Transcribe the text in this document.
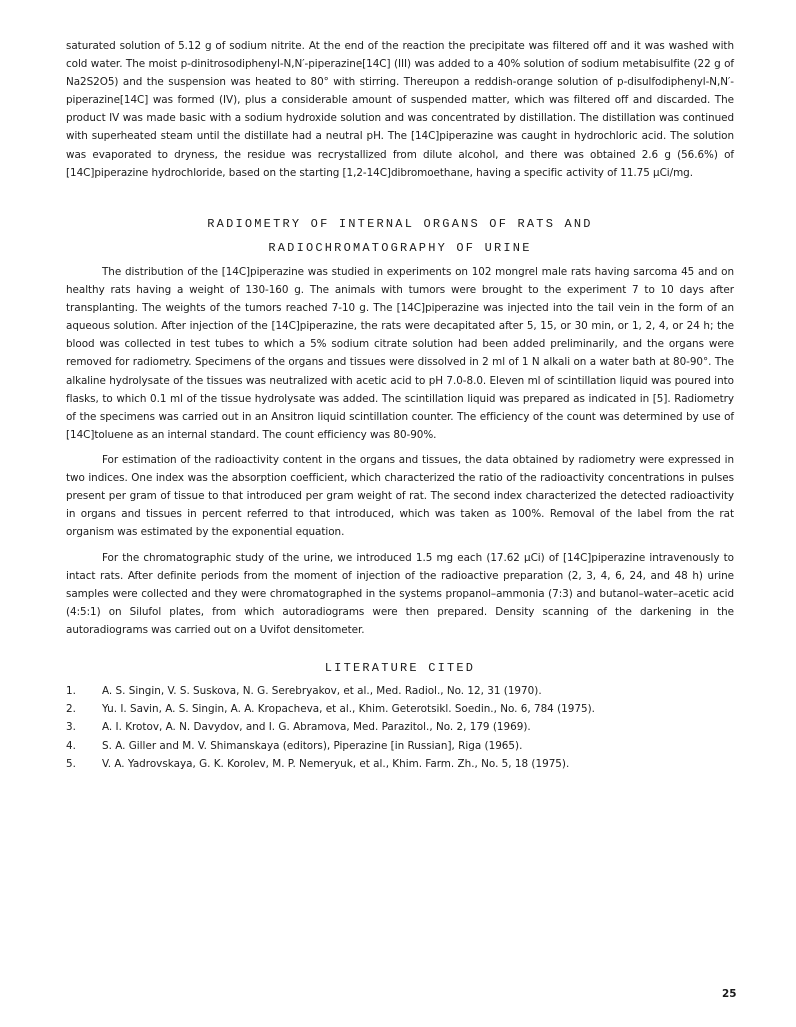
saturated solution of 5.12 g of sodium nitrite. At the end of the reaction the precipitate was filtered off and it was washed with cold water. The moist p-dinitrosodiphenyl-N,N′-piperazine[14C] (III) was added to a 40% solution of sodium metabisulfite (22 g of Na2S2O5) and the suspension was heated to 80° with stirring. Thereupon a reddish-orange solution of p-disulfodiphenyl-N,N′-piperazine[14C] was formed (IV), plus a considerable amount of suspended matter, which was filtered off and discarded. The product IV was made basic with a sodium hydroxide solution and was concentrated by distillation. The distillation was continued with superheated steam until the distillate had a neutral pH. The [14C]piperazine was caught in hydrochloric acid. The solution was evaporated to dryness, the residue was recrystallized from dilute alcohol, and there was obtained 2.6 g (56.6%) of [14C]piperazine hydrochloride, based on the starting [1,2-14C]dibromoethane, having a specific activity of 11.75 μCi/mg.

RADIOMETRY OF INTERNAL ORGANS OF RATS AND
RADIOCHROMATOGRAPHY OF URINE

The distribution of the [14C]piperazine was studied in experiments on 102 mongrel male rats having sarcoma 45 and on healthy rats having a weight of 130-160 g. The animals with tumors were brought to the experiment 7 to 10 days after transplanting. The weights of the tumors reached 7-10 g. The [14C]piperazine was injected into the tail vein in the form of an aqueous solution. After injection of the [14C]piperazine, the rats were decapitated after 5, 15, or 30 min, or 1, 2, 4, or 24 h; the blood was collected in test tubes to which a 5% sodium citrate solution had been added preliminarily, and the organs were removed for radiometry. Specimens of the organs and tissues were dissolved in 2 ml of 1 N alkali on a water bath at 80-90°. The alkaline hydrolysate of the tissues was neutralized with acetic acid to pH 7.0-8.0. Eleven ml of scintillation liquid was poured into flasks, to which 0.1 ml of the tissue hydrolysate was added. The scintillation liquid was prepared as indicated in [5]. Radiometry of the specimens was carried out in an Ansitron liquid scintillation counter. The efficiency of the count was determined by use of [14C]toluene as an internal standard. The count efficiency was 80-90%.

For estimation of the radioactivity content in the organs and tissues, the data obtained by radiometry were expressed in two indices. One index was the absorption coefficient, which characterized the ratio of the radioactivity concentrations in pulses present per gram of tissue to that introduced per gram weight of rat. The second index characterized the detected radioactivity in organs and tissues in percent referred to that introduced, which was taken as 100%. Removal of the label from the rat organism was estimated by the exponential equation.

For the chromatographic study of the urine, we introduced 1.5 mg each (17.62 μCi) of [14C]piperazine intravenously to intact rats. After definite periods from the moment of injection of the radioactive preparation (2, 3, 4, 6, 24, and 48 h) urine samples were collected and they were chromatographed in the systems propanol–ammonia (7:3) and butanol–water–acetic acid (4:5:1) on Silufol plates, from which autoradiograms were then prepared. Density scanning of the darkening in the autoradiograms was carried out on a Uvifot densitometer.

LITERATURE CITED
1.	A. S. Singin, V. S. Suskova, N. G. Serebryakov, et al., Med. Radiol., No. 12, 31 (1970).
2.	Yu. I. Savin, A. S. Singin, A. A. Kropacheva, et al., Khim. Geterotsikl. Soedin., No. 6, 784 (1975).
3.	A. I. Krotov, A. N. Davydov, and I. G. Abramova, Med. Parazitol., No. 2, 179 (1969).
4.	S. A. Giller and M. V. Shimanskaya (editors), Piperazine [in Russian], Riga (1965).
5.	V. A. Yadrovskaya, G. K. Korolev, M. P. Nemeryuk, et al., Khim. Farm. Zh., No. 5, 18 (1975).
25
